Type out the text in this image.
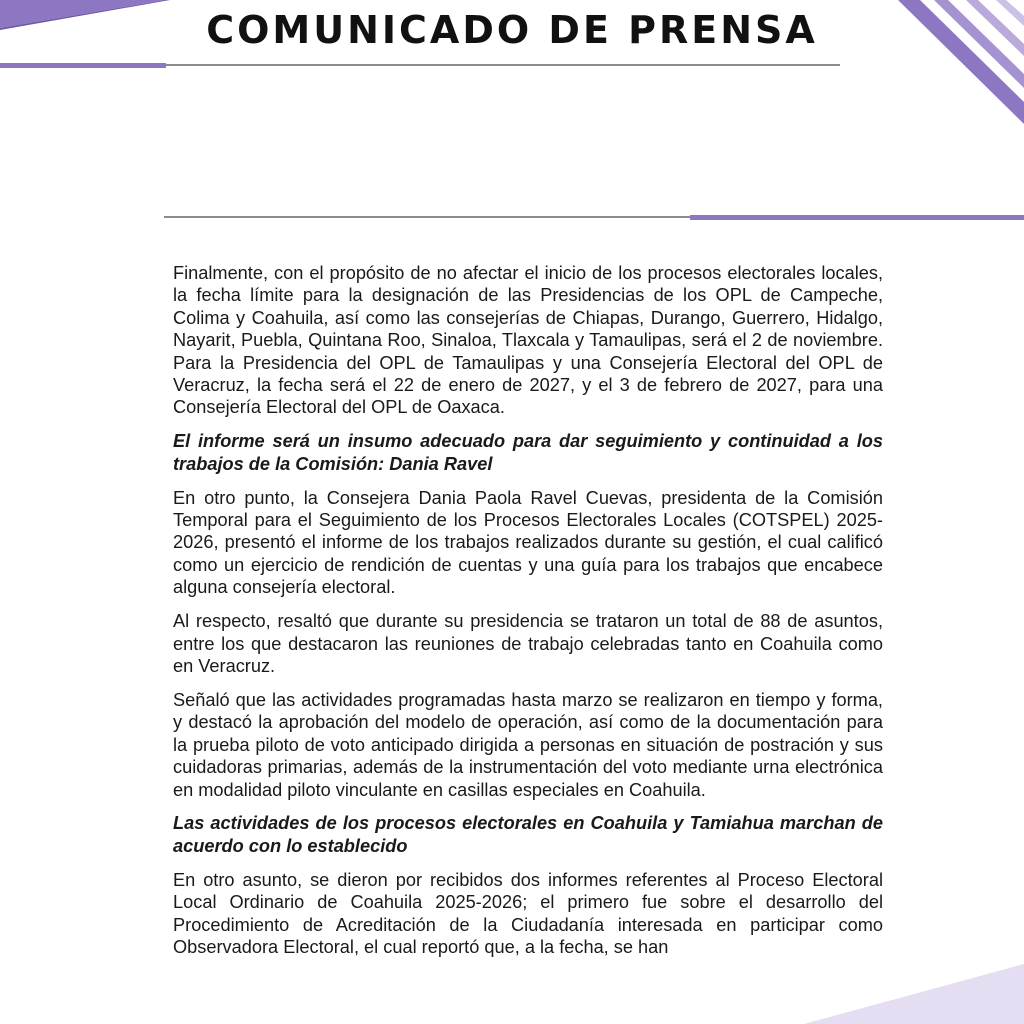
COMUNICADO DE PRENSA

Finalmente, con el propósito de no afectar el inicio de los procesos electorales locales, la fecha límite para la designación de las Presidencias de los OPL de Campeche, Colima y Coahuila, así como las consejerías de Chiapas, Durango, Guerrero, Hidalgo, Nayarit, Puebla, Quintana Roo, Sinaloa, Tlaxcala y Tamaulipas, será el 2 de noviembre. Para la Presidencia del OPL de Tamaulipas y una Consejería Electoral del OPL de Veracruz, la fecha será el 22 de enero de 2027, y el 3 de febrero de 2027, para una Consejería Electoral del OPL de Oaxaca.

El informe será un insumo adecuado para dar seguimiento y continuidad a los trabajos de la Comisión: Dania Ravel

En otro punto, la Consejera Dania Paola Ravel Cuevas, presidenta de la Comisión Temporal para el Seguimiento de los Procesos Electorales Locales (COTSPEL) 2025-2026, presentó el informe de los trabajos realizados durante su gestión, el cual calificó como un ejercicio de rendición de cuentas y una guía para los trabajos que encabece alguna consejería electoral.

Al respecto, resaltó que durante su presidencia se trataron un total de 88 de asuntos, entre los que destacaron las reuniones de trabajo celebradas tanto en Coahuila como en Veracruz.

Señaló que las actividades programadas hasta marzo se realizaron en tiempo y forma, y destacó la aprobación del modelo de operación, así como de la documentación para la prueba piloto de voto anticipado dirigida a personas en situación de postración y sus cuidadoras primarias, además de la instrumentación del voto mediante urna electrónica en modalidad piloto vinculante en casillas especiales en Coahuila.

Las actividades de los procesos electorales en Coahuila y Tamiahua marchan de acuerdo con lo establecido

En otro asunto, se dieron por recibidos dos informes referentes al Proceso Electoral Local Ordinario de Coahuila 2025-2026; el primero fue sobre el desarrollo del Procedimiento de Acreditación de la Ciudadanía interesada en participar como Observadora Electoral, el cual reportó que, a la fecha, se han
